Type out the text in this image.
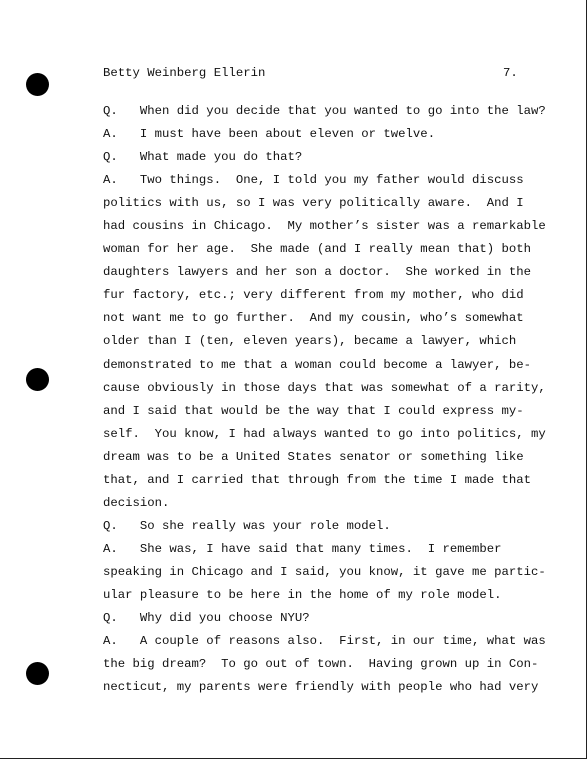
Betty Weinberg Ellerin	7.
Q.   When did you decide that you wanted to go into the law?
A.   I must have been about eleven or twelve.
Q.   What made you do that?
A.   Two things.  One, I told you my father would discuss
politics with us, so I was very politically aware.  And I
had cousins in Chicago.  My mother’s sister was a remarkable
woman for her age.  She made (and I really mean that) both
daughters lawyers and her son a doctor.  She worked in the
fur factory, etc.; very different from my mother, who did
not want me to go further.  And my cousin, who’s somewhat
older than I (ten, eleven years), became a lawyer, which
demonstrated to me that a woman could become a lawyer, be-
cause obviously in those days that was somewhat of a rarity,
and I said that would be the way that I could express my-
self.  You know, I had always wanted to go into politics, my
dream was to be a United States senator or something like
that, and I carried that through from the time I made that
decision.
Q.   So she really was your role model.
A.   She was, I have said that many times.  I remember
speaking in Chicago and I said, you know, it gave me partic-
ular pleasure to be here in the home of my role model.
Q.   Why did you choose NYU?
A.   A couple of reasons also.  First, in our time, what was
the big dream?  To go out of town.  Having grown up in Con-
necticut, my parents were friendly with people who had very
